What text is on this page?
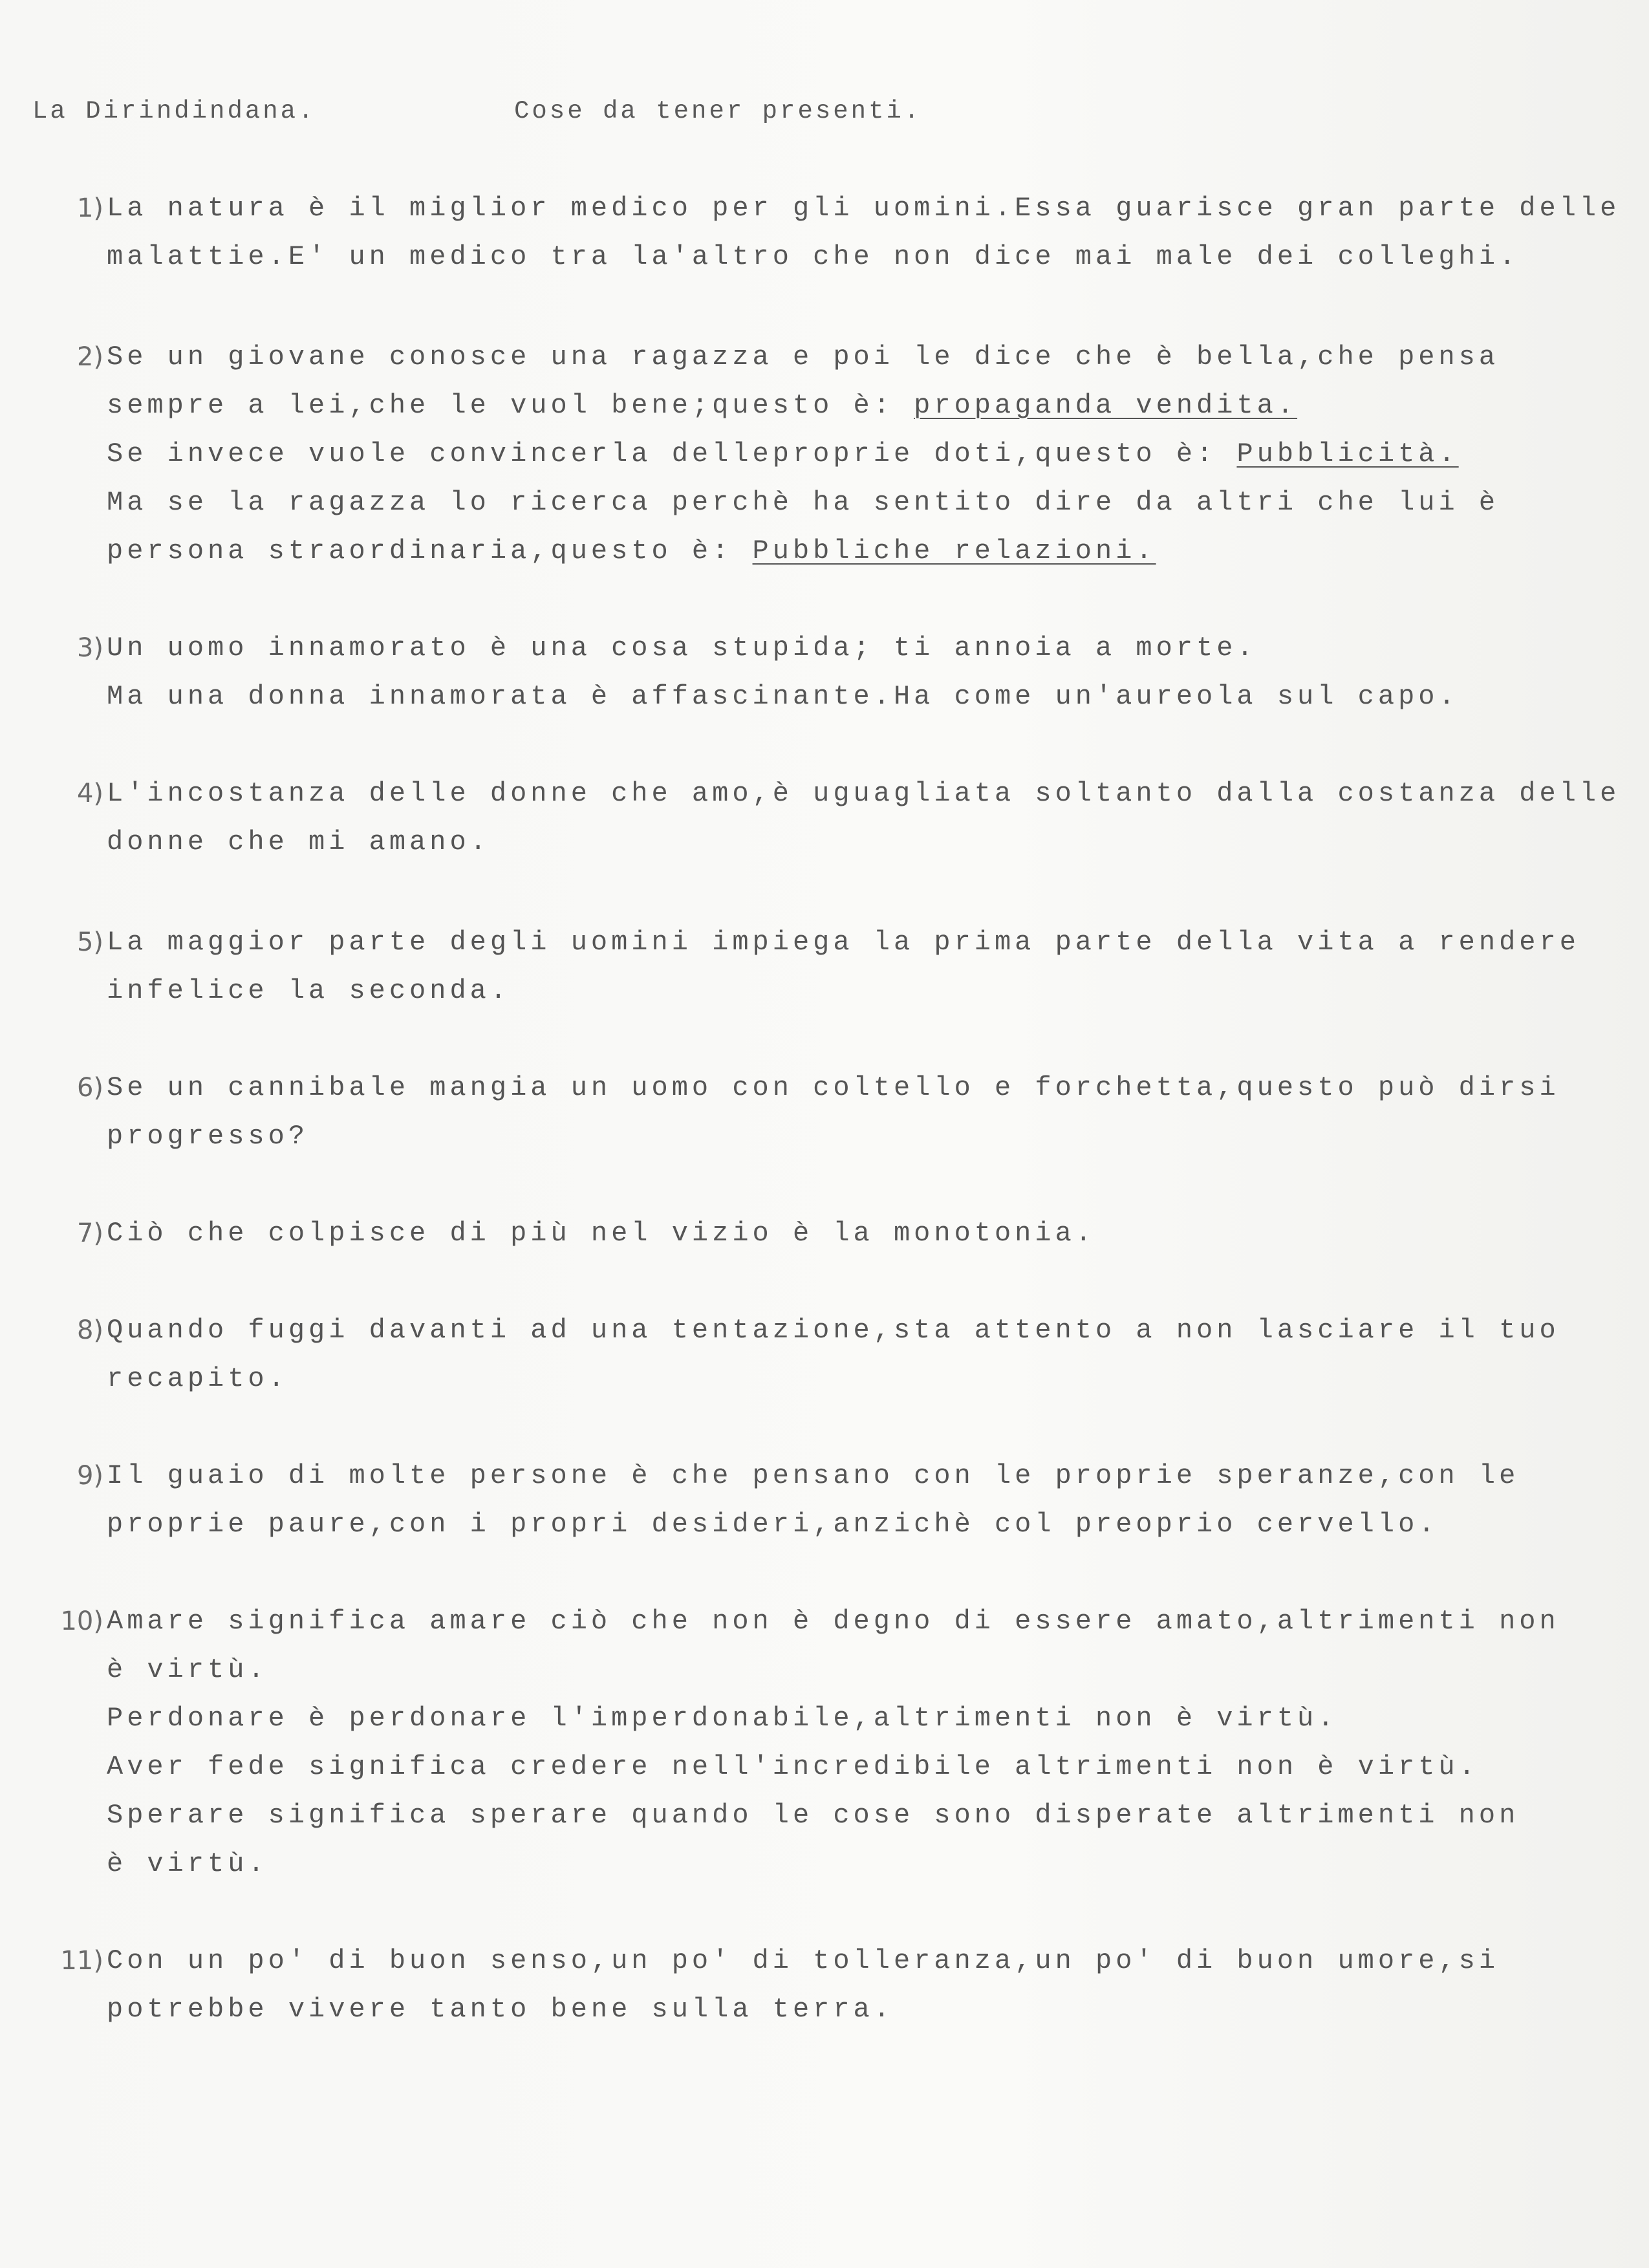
La Dirindindana.	Cose da tener presenti.
1) La natura è il miglior medico per gli uomini.Essa guarisce gran parte delle
malattie.E' un medico tra la'altro che non dice mai male dei colleghi.
2) Se un giovane conosce una ragazza e poi le dice che è bella,che pensa
sempre a lei,che le vuol bene;questo è: propaganda vendita.
Se invece vuole convincerla delleproprie doti,questo è: Pubblicità.
Ma se la ragazza lo ricerca perchè ha sentito dire da altri che lui è
persona straordinaria,questo è: Pubbliche relazioni.
3) Un uomo innamorato è una cosa stupida; ti annoia a morte.
Ma una donna innamorata è affascinante.Ha come un'aureola sul capo.
4) L'incostanza delle donne che amo,è uguagliata soltanto dalla costanza delle
donne che mi amano.
5) La maggior parte degli uomini impiega la prima parte della vita a rendere
infelice la seconda.
6) Se un cannibale mangia un uomo con coltello e forchetta,questo può dirsi
progresso?
7) Ciò che colpisce di più nel vizio è la monotonia.
8) Quando fuggi davanti ad una tentazione,sta attento a non lasciare il tuo
recapito.
9) Il guaio di molte persone è che pensano con le proprie speranze,con le
proprie paure,con i propri desideri,anzichè col preoprio cervello.
10) Amare significa amare ciò che non è degno di essere amato,altrimenti non
è virtù.
Perdonare è perdonare l'imperdonabile,altrimenti non è virtù.
Aver fede significa credere nell'incredibile altrimenti non è virtù.
Sperare significa sperare quando le cose sono disperate altrimenti non
è virtù.
11) Con un po' di buon senso,un po' di tolleranza,un po' di buon umore,si
potrebbe vivere tanto bene sulla terra.
